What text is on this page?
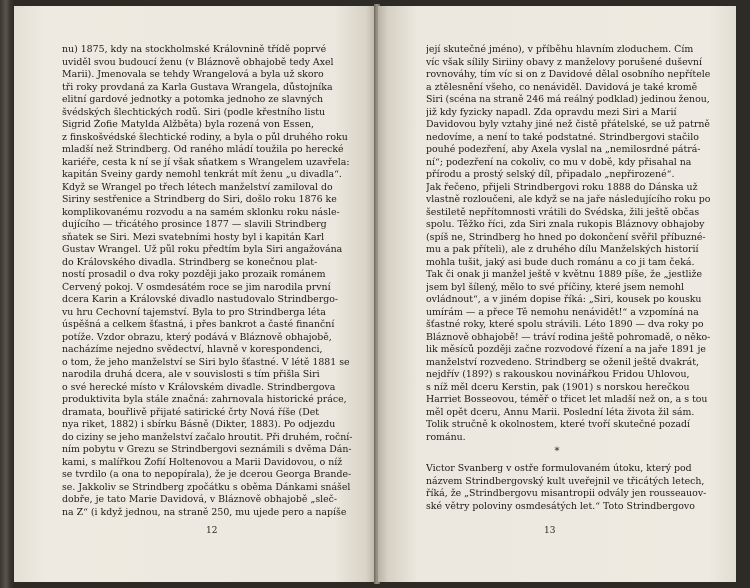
nu) 1875, kdy na stockholmské Královnině třídě poprvé
uviděl svou budoucí ženu (v Bláznově obhajobě tedy Axel
Marii). Jmenovala se tehdy Wrangelová a byla už skoro
tři roky provdaná za Karla Gustava Wrangela, důstojníka
elitní gardové jednotky a potomka jednoho ze slavných
švédských šlechtických rodů. Siri (podle křestního listu
Sigrid Žofie Matylda Alžběta) byla rozená von Essen,
z finskošvédské šlechtické rodiny, a byla o půl druhého roku
mladší než Strindberg. Od raného mládí toužila po herecké
kariéře, cesta k ní se jí však sňatkem s Wrangelem uzavřela:
kapitán Sveiny gardy nemohl tenkrát mít ženu „u divadla“.
Když se Wrangel po třech létech manželství zamiloval do
Siriny sestřenice a Strindberg do Siri, došlo roku 1876 ke
komplikovanému rozvodu a na samém sklonku roku násle-
dujícího — třicátého prosince 1877 — slavili Strindberg
sňatek se Siri. Mezi svatebními hosty byl i kapitán Karl
Gustav Wrangel. Už půl roku předtím byla Siri angažována
do Královského divadla. Strindberg se konečnou plat-
ností prosadil o dva roky později jako prozaik románem
Červený pokoj. V osmdesátém roce se jim narodila první
dcera Karin a Královské divadlo nastudovalo Strindbergo-
vu hru Cechovní tajemství. Byla to pro Strindberga léta
úspěšná a celkem šťastná, i přes bankrot a časté finanční
potíže. Vzdor obrazu, který podává v Bláznově obhajobě,
nacházíme nejedno svědectví, hlavně v korespondenci,
o tom, že jeho manželství se Siri bylo šťastné. V létě 1881 se
narodila druhá dcera, ale v souvislosti s tím přišla Siri
o své herecké místo v Královském divadle. Strindbergova
produktivita byla stále značná: zahrnovala historické práce,
dramata, bouřlivě přijaté satirické črty Nová říše (Det
nya riket, 1882) i sbírku Básně (Dikter, 1883). Po odjezdu
do ciziny se jeho manželství začalo hroutit. Při druhém, roční-
ním pobytu v Grezu se Strindbergovi seznámili s dvěma Dán-
kami, s malířkou Žofií Holtenovou a Marii Davidovou, o níž
se tvrdilo (a ona to nepopírala), že je dcerou Georga Brande-
se. Jakkoliv se Strindberg zpočátku s oběma Dánkami snášel
dobře, je tato Marie Davidová, v Bláznově obhajobě „sleč-
na Z“ (i když jednou, na straně 250, mu ujede pero a napíše
12
její skutečné jméno), v příběhu hlavním zloduchem. Čím
víc však sílily Siriiny obavy z manželovy porušené duševní
rovnováhy, tím víc si on z Davidové dělal osobního nepřítele
a ztělesnění všeho, co nenáviděl. Davidová je také kromě
Siri (scéna na straně 246 má reálný podklad) jedinou ženou,
již kdy fyzicky napadl. Zda opravdu mezi Siri a Marií
Davidovou byly vztahy jiné než čistě přátelské, se už patrně
nedovíme, a není to také podstatné. Strindbergovi stačilo
pouhé podezření, aby Axela vyslal na „nemilosrdné pátrá-
ní“; podezření na cokoliv, co mu v době, kdy přisahal na
přírodu a prostý selský díl, připadalo „nepřirozené“.
Jak řečeno, přijeli Strindbergovi roku 1888 do Dánska už
vlastně rozloučeni, ale když se na jaře následujícího roku po
šestiletě nepřítomnosti vrátili do Švédska, žili ještě občas
spolu. Těžko říci, zda Siri znala rukopis Bláznovy obhajoby
(spíš ne, Strindberg ho hned po dokončení svěřil příbuzné-
mu a pak příteli), ale z druhého dílu Manželských historií
mohla tušit, jaký asi bude duch románu a co ji tam čeká.
Tak či onak ji manžel ještě v květnu 1889 píše, že „jestliže
jsem byl šílený, mělo to své příčiny, které jsem nemohl
ovládnout“, a v jiném dopise říká: „Siri, kousek po kousku
umírám — a přece Tě nemohu nenávidět!“ a vzpomíná na
šťastné roky, které spolu strávili. Léto 1890 — dva roky po
Bláznově obhajobě! — tráví rodina ještě pohromadě, o něko-
lik měsíců později začne rozvodové řízení a na jaře 1891 je
manželství rozvedeno. Strindberg se oženil ještě dvakrát,
nejdřív (189?) s rakouskou novinářkou Fridou Uhlovou,
s níž měl dceru Kerstin, pak (1901) s norskou herečkou
Harriet Bosseovou, téměř o třicet let mladší než on, a s tou
měl opět dceru, Annu Marii. Poslední léta života žil sám.
Tolik stručně k okolnostem, které tvoří skutečné pozadí
románu.
*
Victor Svanberg v ostře formulovaném útoku, který pod
názvem Strindbergovský kult uveřejnil ve třicátých letech,
říká, že „Strindbergovu misantropii odvály jen rousseauov-
ské větry poloviny osmdesátých let.“ Toto Strindbergovo
13
